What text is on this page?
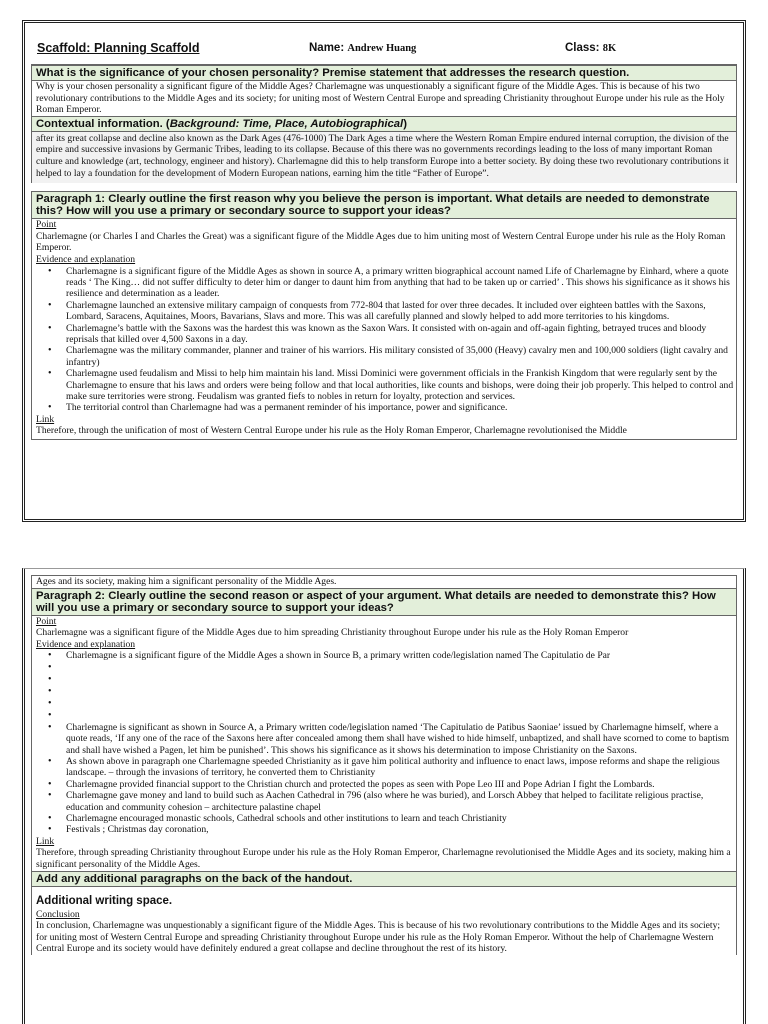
Scaffold: Planning Scaffold	Name: Andrew Huang	Class: 8K
What is the significance of your chosen personality? Premise statement that addresses the research question.
Why is your chosen personality a significant figure of the Middle Ages? Charlemagne was unquestionably a significant figure of the Middle Ages. This is because of his two revolutionary contributions to the Middle Ages and its society; for uniting most of Western Central Europe and spreading Christianity throughout Europe under his rule as the Holy Roman Emperor.
Contextual information. (Background: Time, Place, Autobiographical)
after its great collapse and decline also known as the Dark Ages (476-1000) The Dark Ages a time where the Western Roman Empire endured internal corruption, the division of the empire and successive invasions by Germanic Tribes, leading to its collapse. Because of this there was no governments recordings leading to the loss of many important Roman culture and knowledge (art, technology, engineer and history). Charlemagne did this to help transform Europe into a better society. By doing these two revolutionary contributions it helped to lay a foundation for the development of Modern European nations, earning him the title “Father of Europe”.
Paragraph 1: Clearly outline the first reason why you believe the person is important. What details are needed to demonstrate this? How will you use a primary or secondary source to support your ideas?
Point
Charlemagne (or Charles I and Charles the Great) was a significant figure of the Middle Ages due to him uniting most of Western Central Europe under his rule as the Holy Roman Emperor.
Evidence and explanation
• Charlemagne is a significant figure of the Middle Ages as shown in source A, a primary written biographical account named Life of Charlemagne by Einhard, where a quote reads ‘ The King… did not suffer difficulty to deter him or danger to daunt him from anything that had to be taken up or carried’ . This shows his significance as it shows his resilience and determination as a leader.
• Charlemagne launched an extensive military campaign of conquests from 772-804 that lasted for over three decades. It included over eighteen battles with the Saxons, Lombard, Saracens, Aquitaines, Moors, Bavarians, Slavs and more. This was all carefully planned and slowly helped to add more territories to his kingdoms.
• Charlemagne’s battle with the Saxons was the hardest this was known as the Saxon Wars. It consisted with on-again and off-again fighting, betrayed truces and bloody reprisals that killed over 4,500 Saxons in a day.
• Charlemagne was the military commander, planner and trainer of his warriors. His military consisted of 35,000 (Heavy) cavalry men and 100,000 soldiers (light cavalry and infantry)
• Charlemagne used feudalism and Missi to help him maintain his land. Missi Dominici were government officials in the Frankish Kingdom that were regularly sent by the Charlemagne to ensure that his laws and orders were being follow and that local authorities, like counts and bishops, were doing their job properly. This helped to control and make sure territories were strong. Feudalism was granted fiefs to nobles in return for loyalty, protection and services.
• The territorial control than Charlemagne had was a permanent reminder of his importance, power and significance.
Link
Therefore, through the unification of most of Western Central Europe under his rule as the Holy Roman Emperor, Charlemagne revolutionised the Middle
Ages and its society, making him a significant personality of the Middle Ages.
Paragraph 2: Clearly outline the second reason or aspect of your argument. What details are needed to demonstrate this? How will you use a primary or secondary source to support your ideas?
Point
Charlemagne was a significant figure of the Middle Ages due to him spreading Christianity throughout Europe under his rule as the Holy Roman Emperor
Evidence and explanation
• Charlemagne is a significant figure of the Middle Ages a shown in Source B, a primary written code/legislation named The Capitulatio de Par
•
•
•
•
•
• Charlemagne is significant as shown in Source A, a Primary written code/legislation named ‘The Capitulatio de Patibus Saoniae’ issued by Charlemagne himself, where a quote reads, ‘If any one of the race of the Saxons here after concealed among them shall have wished to hide himself, unbaptized, and shall have scorned to come to baptism and shall have wished a Pagen, let him be punished’. This shows his significance as it shows his determination to impose Christianity on the Saxons.
• As shown above in paragraph one Charlemagne speeded Christianity as it gave him political authority and influence to enact laws, impose reforms and shape the religious landscape. – through the invasions of territory, he converted them to Christianity
• Charlemagne provided financial support to the Christian church and protected the popes as seen with Pope Leo III and Pope Adrian I fight the Lombards.
• Charlemagne gave money and land to build such as Aachen Cathedral in 796 (also where he was buried), and Lorsch Abbey that helped to facilitate religious practise, education and community cohesion – architecture palastine chapel
• Charlemagne encouraged monastic schools, Cathedral schools and other institutions to learn and teach Christianity
• Festivals ; Christmas day coronation,
Link
Therefore, through spreading Christianity throughout Europe under his rule as the Holy Roman Emperor, Charlemagne revolutionised the Middle Ages and its society, making him a significant personality of the Middle Ages.
Add any additional paragraphs on the back of the handout.
Additional writing space.
Conclusion
In conclusion, Charlemagne was unquestionably a significant figure of the Middle Ages. This is because of his two revolutionary contributions to the Middle Ages and its society; for uniting most of Western Central Europe and spreading Christianity throughout Europe under his rule as the Holy Roman Emperor. Without the help of Charlemagne Western Central Europe and its society would have definitely endured a great collapse and decline throughout the rest of its history.
